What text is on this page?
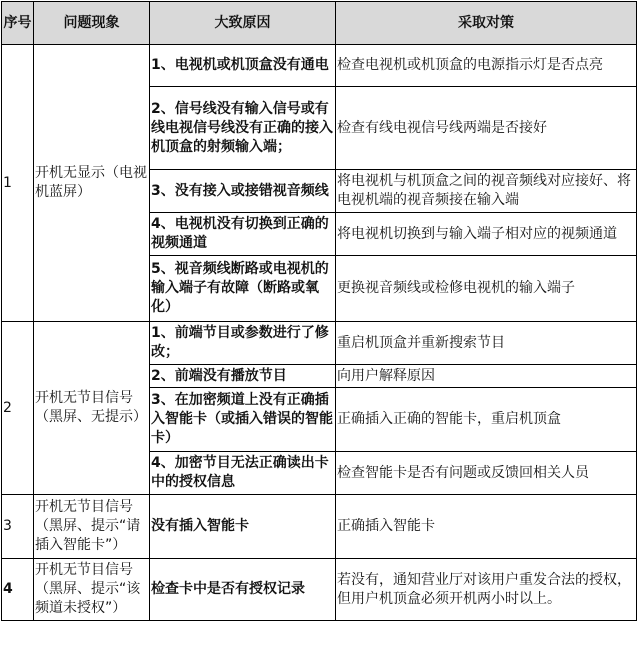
序号	问题现象	大致原因	采取对策
1	开机无显示（电视机蓝屏）	1、电视机或机顶盒没有通电	检查电视机或机顶盒的电源指示灯是否点亮
		2、信号线没有输入信号或有线电视信号线没有正确的接入机顶盒的射频输入端；	检查有线电视信号线两端是否接好
		3、没有接入或接错视音频线	将电视机与机顶盒之间的视音频线对应接好、将电视机端的视音频接在输入端
		4、电视机没有切换到正确的视频通道	将电视机切换到与输入端子相对应的视频通道
		5、视音频线断路或电视机的输入端子有故障（断路或氧化）	更换视音频线或检修电视机的输入端子
2	开机无节目信号（黑屏、无提示）	1、前端节目或参数进行了修改；	重启机顶盒并重新搜索节目
		2、前端没有播放节目	向用户解释原因
		3、在加密频道上没有正确插入智能卡（或插入错误的智能卡）	正确插入正确的智能卡，重启机顶盒
		4、加密节目无法正确读出卡中的授权信息	检查智能卡是否有问题或反馈回相关人员
3	开机无节目信号（黑屏、提示“请插入智能卡”）	没有插入智能卡	正确插入智能卡
4	开机无节目信号（黑屏、提示“该频道未授权”）	检查卡中是否有授权记录	若没有，通知营业厅对该用户重发合法的授权，但用户机顶盒必须开机两小时以上。
